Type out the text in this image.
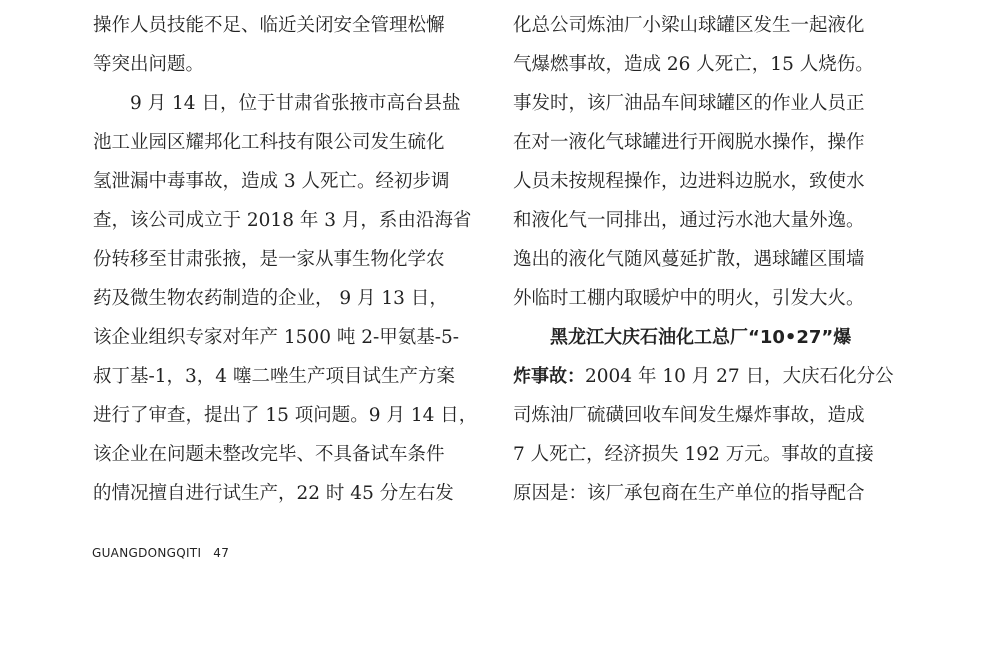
操作人员技能不足、临近关闭安全管理松懈
等突出问题。
9 月 14 日，位于甘肃省张掖市高台县盐
池工业园区耀邦化工科技有限公司发生硫化
氢泄漏中毒事故，造成 3 人死亡。经初步调
查，该公司成立于 2018 年 3 月，系由沿海省
份转移至甘肃张掖，是一家从事生物化学农
药及微生物农药制造的企业， 9 月 13 日，
该企业组织专家对年产 1500 吨 2-甲氨基-5-
叔丁基-1，3，4 噻二唑生产项目试生产方案
进行了审查，提出了 15 项问题。9 月 14 日，
该企业在问题未整改完毕、不具备试车条件
的情况擅自进行试生产，22 时 45 分左右发
化总公司炼油厂小梁山球罐区发生一起液化
气爆燃事故，造成 26 人死亡，15 人烧伤。
事发时，该厂油品车间球罐区的作业人员正
在对一液化气球罐进行开阀脱水操作，操作
人员未按规程操作，边进料边脱水，致使水
和液化气一同排出，通过污水池大量外逸。
逸出的液化气随风蔓延扩散，遇球罐区围墙
外临时工棚内取暖炉中的明火，引发大火。
黑龙江大庆石油化工总厂“10•27”爆
炸事故：2004 年 10 月 27 日，大庆石化分公
司炼油厂硫磺回收车间发生爆炸事故，造成
7 人死亡，经济损失 192 万元。事故的直接
原因是：该厂承包商在生产单位的指导配合
GUANGDONGQITI 47
